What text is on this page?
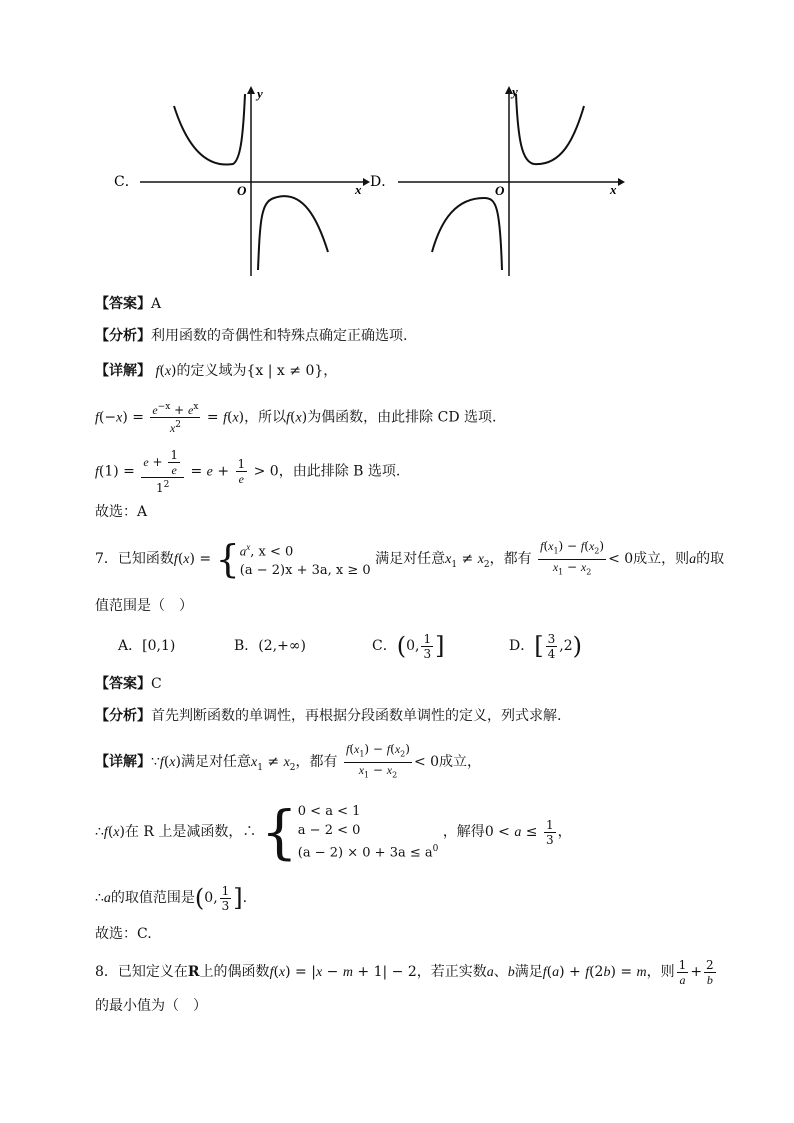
C．
y
x
O
D．
y
x
O
【答案】A
【分析】利用函数的奇偶性和特殊点确定正确选项.
【详解】 f(x)的定义域为{x | x ≠ 0}，
$f(-x) = \frac{e^{-x} + e^x}{x^2} = f(x)$，所以f(x)为偶函数，由此排除 CD 选项.
$f(1) = \frac{e + \frac{1}{e}}{1^2} = e + \frac{1}{e} > 0$，由此排除 B 选项.
故选：A
7．已知函数f(x) = { $a^x$, x < 0
(a − 2)x + 3a, x ≥ 0
满足对任意$x_1 \ne x_2$，都有 $\frac{f(x_1) - f(x_2)}{x_1 - x_2} < 0$成立，则a的取
值范围是（　）
A．[0,1)	B．(2,+∞)	C．(0, $\frac{1}{3}$ ]	D．[ $\frac{3}{4} ,2$)
【答案】C
【分析】首先判断函数的单调性，再根据分段函数单调性的定义，列式求解.
【详解】∵f(x)满足对任意$x_1 \ne x_2$，都有 $\frac{f(x_1) - f(x_2)}{x_1 - x_2} < 0$成立，
∴f(x)在 R 上是减函数，∴ { 0 < a < 1
a − 2 < 0
$(a - 2) \times 0 + 3a \le a^0$
，解得$0 < a \le \frac{1}{3}$ ，
∴a的取值范围是(0, $\frac{1}{3}$ ].
故选：C.
8．已知定义在R上的偶函数f(x) = |x − m + 1| − 2，若正实数a、b满足f(a) + f(2b) = m，则 $\frac{1}{a} + \frac{2}{b}$
的最小值为（　）
